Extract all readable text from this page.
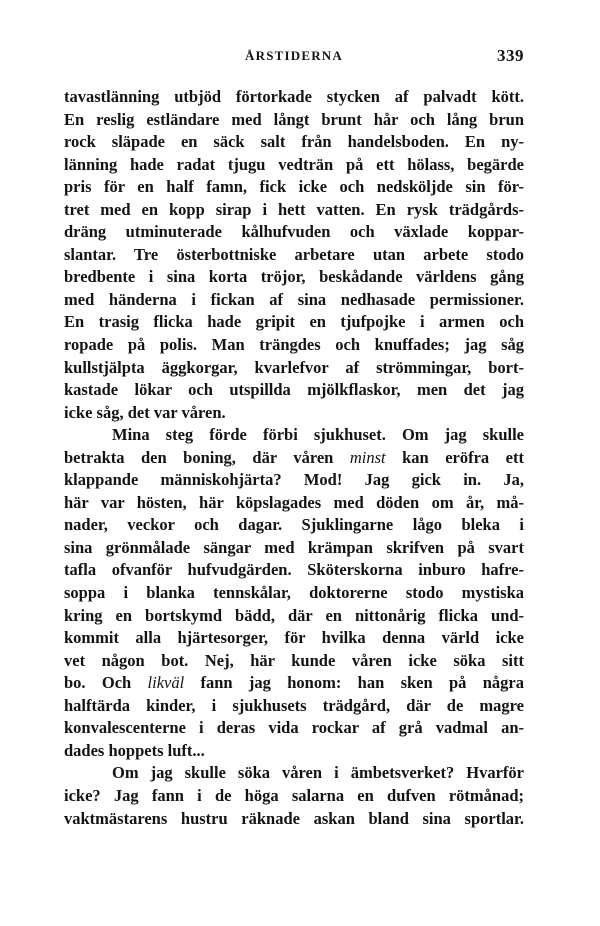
ÅRSTIDERNA	339
tavastlänning utbjöd förtorkade stycken af palvadt kött.
En reslig estländare med långt brunt hår och lång brun
rock släpade en säck salt från handelsboden. En ny-
länning hade radat tjugu vedträn på ett hölass, begärde
pris för en half famn, fick icke och nedsköljde sin för-
tret med en kopp sirap i hett vatten. En rysk trädgårds-
dräng utminuterade kålhufvuden och växlade koppar-
slantar. Tre österbottniske arbetare utan arbete stodo
bredbente i sina korta tröjor, beskådande världens gång
med händerna i fickan af sina nedhasade permissioner.
En trasig flicka hade gripit en tjufpojke i armen och
ropade på polis. Man trängdes och knuffades; jag såg
kullstjälpta äggkorgar, kvarlefvor af strömmingar, bort-
kastade lökar och utspillda mjölkflaskor, men det jag
icke såg, det var våren.
Mina steg förde förbi sjukhuset. Om jag skulle
betrakta den boning, där våren minst kan eröfra ett
klappande människohjärta? Mod! Jag gick in. Ja,
här var hösten, här köpslagades med döden om år, må-
nader, veckor och dagar. Sjuklingarne lågo bleka i
sina grönmålade sängar med krämpan skrifven på svart
tafla ofvanför hufvudgärden. Sköterskorna inburo hafre-
soppa i blanka tennskålar, doktorerne stodo mystiska
kring en bortskymd bädd, där en nittonårig flicka und-
kommit alla hjärtesorger, för hvilka denna värld icke
vet någon bot. Nej, här kunde våren icke söka sitt
bo. Och likväl fann jag honom: han sken på några
halftärda kinder, i sjukhusets trädgård, där de magre
konvalescenterne i deras vida rockar af grå vadmal an-
dades hoppets luft...
Om jag skulle söka våren i ämbetsverket? Hvarför
icke? Jag fann i de höga salarna en dufven rötmånad;
vaktmästarens hustru räknade askan bland sina sportlar.
